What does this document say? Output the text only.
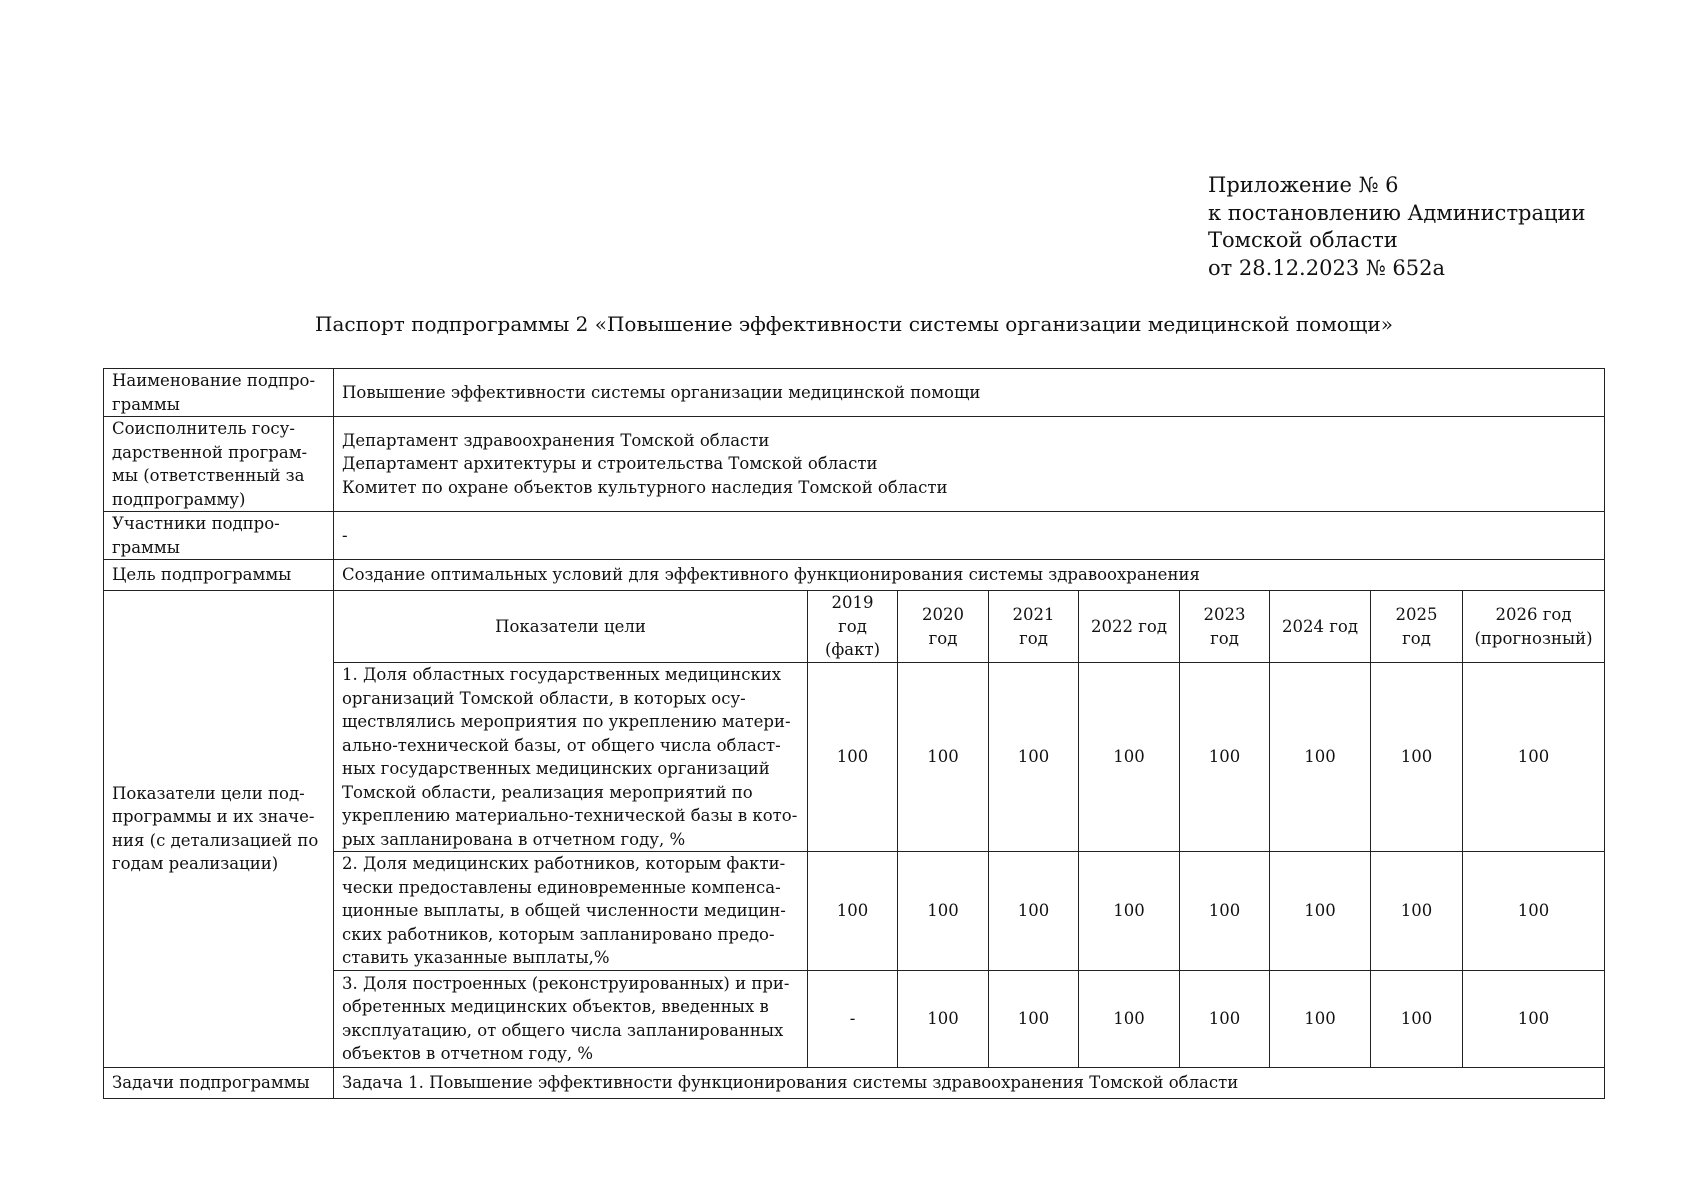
Приложение № 6
к постановлению Администрации
Томской области
от 28.12.2023 № 652а
Паспорт подпрограммы 2 «Повышение эффективности системы организации медицинской помощи»
Наименование подпро-граммы	Повышение эффективности системы организации медицинской помощи								
Соисполнитель госу-дарственной програм-мы (ответственный за подпрограмму)	Департамент здравоохранения Томской области
Департамент архитектуры и строительства Томской области
Комитет по охране объектов культурного наследия Томской области								

Участники подпро-граммы	-								
Цель подпрограммы	Создание оптимальных условий для эффективного функционирования системы здравоохранения								
Показатели цели под-программы и их значе-ния (с детализацией по годам реализации)	Показатели цели	2019 год (факт)	2020 год	2021 год	2022 год	2023 год	2024 год	2025 год	2026 год (прогнозный)
	1. Доля областных государственных медицинских организаций Томской области, в которых осу-ществлялись мероприятия по укреплению матери-ально-технической базы, от общего числа област-ных государственных медицинских организаций Томской области, реализация мероприятий по укреплению материально-технической базы в кото-рых запланирована в отчетном году, %	100	100	100	100	100	100	100	100
	2. Доля медицинских работников, которым факти-чески предоставлены единовременные компенса-ционные выплаты, в общей численности медицин-ских работников, которым запланировано предо-ставить указанные выплаты,%	100	100	100	100	100	100	100	100
	3. Доля построенных (реконструированных) и при-обретенных медицинских объектов, введенных в эксплуатацию, от общего числа запланированных объектов в отчетном году, %	-	100	100	100	100	100	100	100
Задачи подпрограммы	Задача 1. Повышение эффективности функционирования системы здравоохранения Томской области								
